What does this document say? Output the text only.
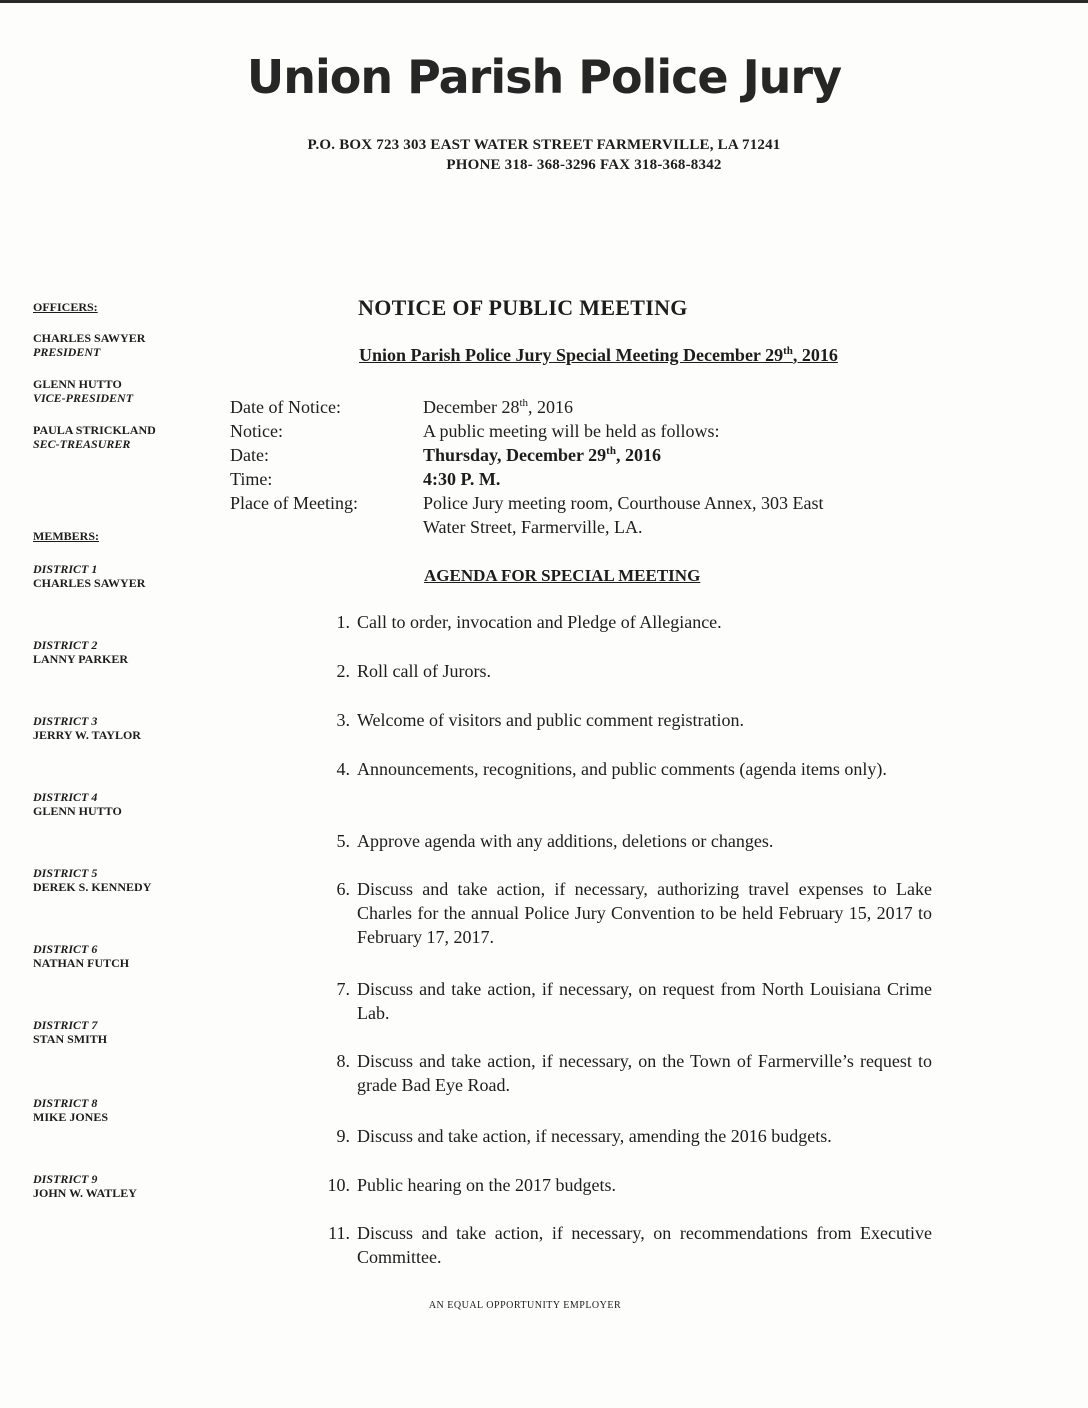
Union Parish Police Jury
P.O. BOX 723 303 EAST WATER STREET FARMERVILLE, LA 71241
PHONE 318- 368-3296 FAX 318-368-8342
OFFICERS:
CHARLES SAWYER
PRESIDENT
GLENN HUTTO
VICE-PRESIDENT
PAULA STRICKLAND
SEC-TREASURER
MEMBERS:
DISTRICT 1
CHARLES SAWYER
DISTRICT 2
LANNY PARKER
DISTRICT 3
JERRY W. TAYLOR
DISTRICT 4
GLENN HUTTO
DISTRICT 5
DEREK S. KENNEDY
DISTRICT 6
NATHAN FUTCH
DISTRICT 7
STAN SMITH
DISTRICT 8
MIKE JONES
DISTRICT 9
JOHN W. WATLEY
NOTICE OF PUBLIC MEETING
Union Parish Police Jury Special Meeting December 29th, 2016
Date of Notice:	December 28th, 2016
Notice:	A public meeting will be held as follows:
Date:	Thursday, December 29th, 2016
Time:	4:30 P. M.
Place of Meeting:	Police Jury meeting room, Courthouse Annex, 303 East
Water Street, Farmerville, LA.
AGENDA FOR SPECIAL MEETING
1. Call to order, invocation and Pledge of Allegiance.
2. Roll call of Jurors.
3. Welcome of visitors and public comment registration.
4. Announcements, recognitions, and public comments (agenda items only).
5. Approve agenda with any additions, deletions or changes.
6. Discuss and take action, if necessary, authorizing travel expenses to Lake Charles for the annual Police Jury Convention to be held February 15, 2017 to February 17, 2017.
7. Discuss and take action, if necessary, on request from North Louisiana Crime Lab.
8. Discuss and take action, if necessary, on the Town of Farmerville’s request to grade Bad Eye Road.
9. Discuss and take action, if necessary, amending the 2016 budgets.
10. Public hearing on the 2017 budgets.
11. Discuss and take action, if necessary, on recommendations from Executive Committee.
AN EQUAL OPPORTUNITY EMPLOYER
